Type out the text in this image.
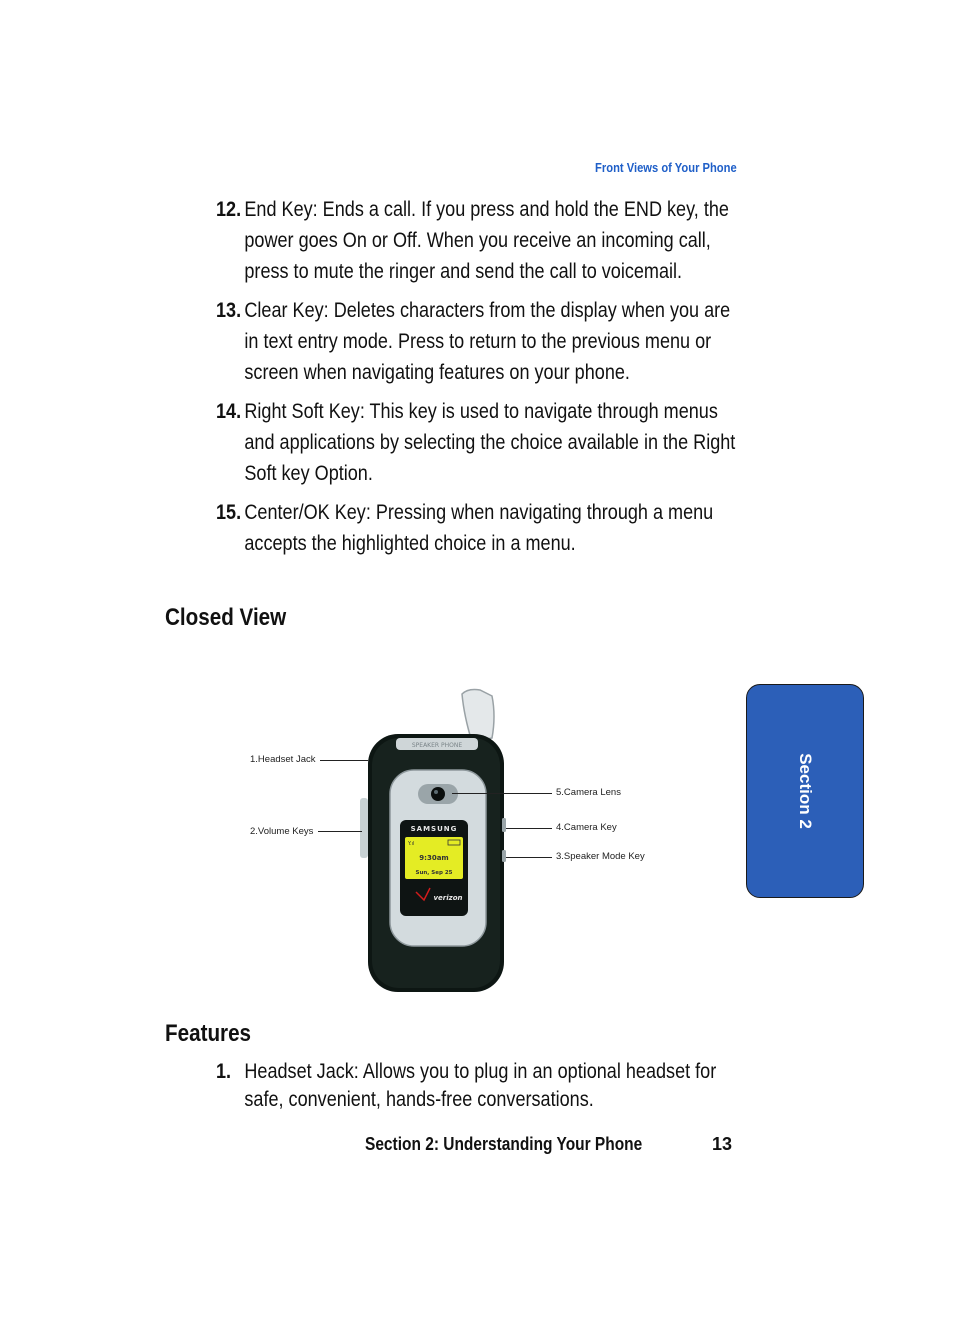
Front Views of Your Phone
12. End Key: Ends a call. If you press and hold the END key, the power goes On or Off. When you receive an incoming call, press to mute the ringer and send the call to voicemail.
13. Clear Key: Deletes characters from the display when you are in text entry mode. Press to return to the previous menu or screen when navigating features on your phone.
14. Right Soft Key: This key is used to navigate through menus and applications by selecting the choice available in the Right Soft key Option.
15. Center/OK Key: Pressing when navigating through a menu accepts the highlighted choice in a menu.
Closed View
SPEAKER PHONE
SAMSUNG
Y.ıl
9:30am
Sun, Sep 25
verizon
1.Headset Jack
2.Volume Keys
5.Camera Lens
4.Camera Key
3.Speaker Mode Key
Features
1. Headset Jack: Allows you to plug in an optional headset for safe, convenient, hands-free conversations.
Section 2
Section 2: Understanding Your Phone	13
